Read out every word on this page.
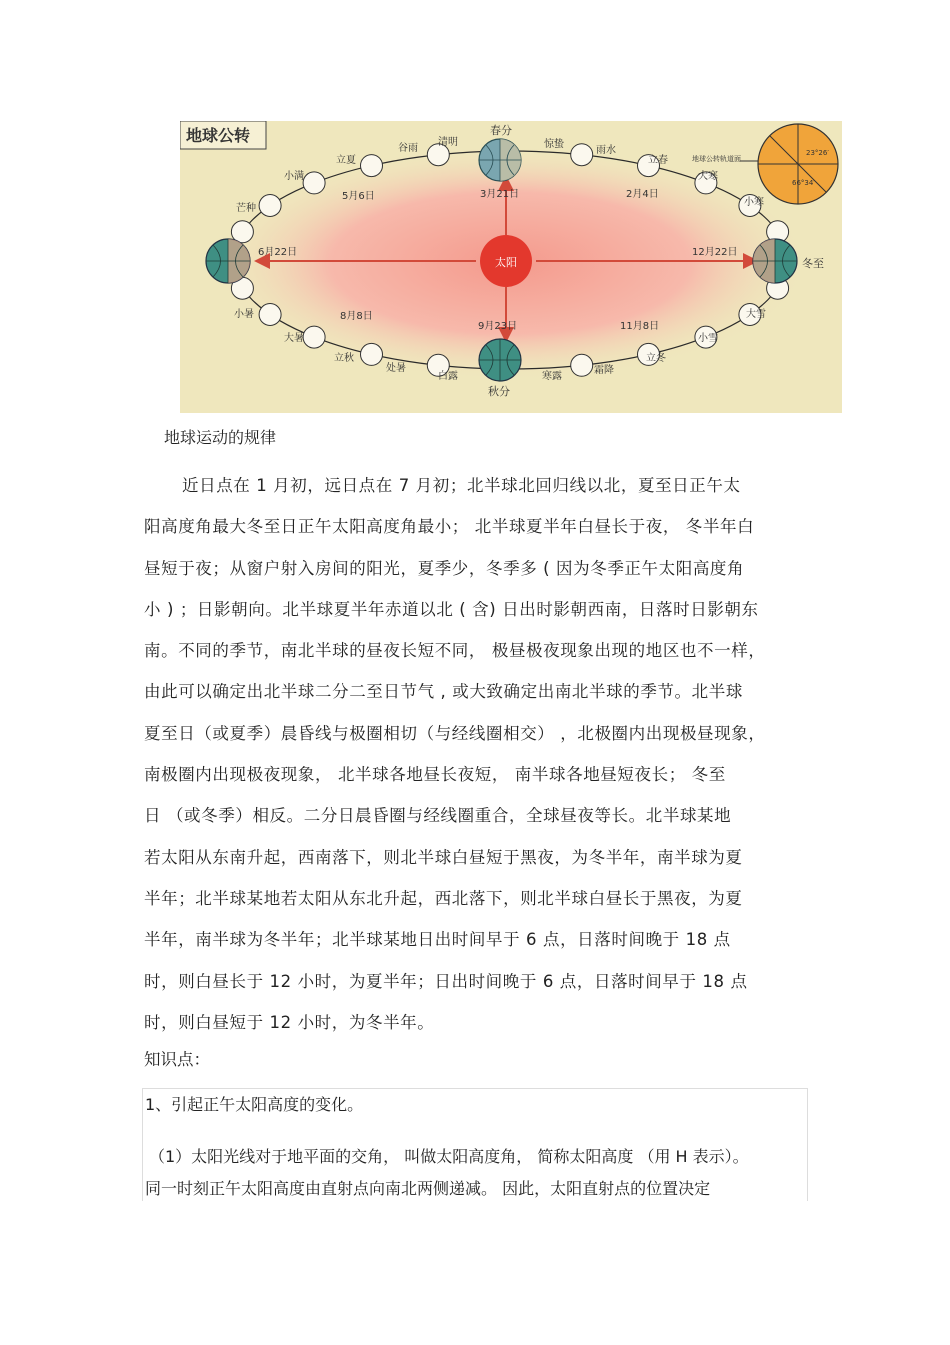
地球公转
太阳
地球公转轨道面
23°26′
66°34′
谷雨
清明
春分
惊蛰
雨水
立春
立夏
小满
芒种
大寒
小寒
冬至
小暑
大暑
立秋
处暑
白露
秋分
寒露
霜降
立冬
小雪
大雪
3月21日
5月6日	2月4日
6月22日	12月22日
8月8日
9月23日	11月8日
地球运动的规律

近日点在 1 月初，远日点在 7 月初；北半球北回归线以北，夏至日正午太

阳高度角最大冬至日正午太阳高度角最小； 北半球夏半年白昼长于夜， 冬半年白

昼短于夜；从窗户射入房间的阳光，夏季少，冬季多 ( 因为冬季正午太阳高度角

小 ) ；日影朝向。北半球夏半年赤道以北 ( 含) 日出时影朝西南，日落时日影朝东

南。不同的季节，南北半球的昼夜长短不同， 极昼极夜现象出现的地区也不一样，

由此可以确定出北半球二分二至日节气 , 或大致确定出南北半球的季节。北半球

夏至日（或夏季）晨昏线与极圈相切（与经线圈相交） ，北极圈内出现极昼现象，

南极圈内出现极夜现象， 北半球各地昼长夜短， 南半球各地昼短夜长； 冬至

日 （或冬季）相反。二分日晨昏圈与经线圈重合，全球昼夜等长。北半球某地

若太阳从东南升起，西南落下，则北半球白昼短于黑夜，为冬半年，南半球为夏

半年；北半球某地若太阳从东北升起，西北落下，则北半球白昼长于黑夜，为夏

半年，南半球为冬半年；北半球某地日出时间早于 6 点，日落时间晚于 18 点

时，则白昼长于 12 小时，为夏半年；日出时间晚于 6 点，日落时间早于 18 点

时，则白昼短于 12 小时，为冬半年。

知识点：
1、引起正午太阳高度的变化。
（1）太阳光线对于地平面的交角， 叫做太阳高度角， 简称太阳高度 （用 H 表示）。
同一时刻正午太阳高度由直射点向南北两侧递减。 因此，太阳直射点的位置决定
